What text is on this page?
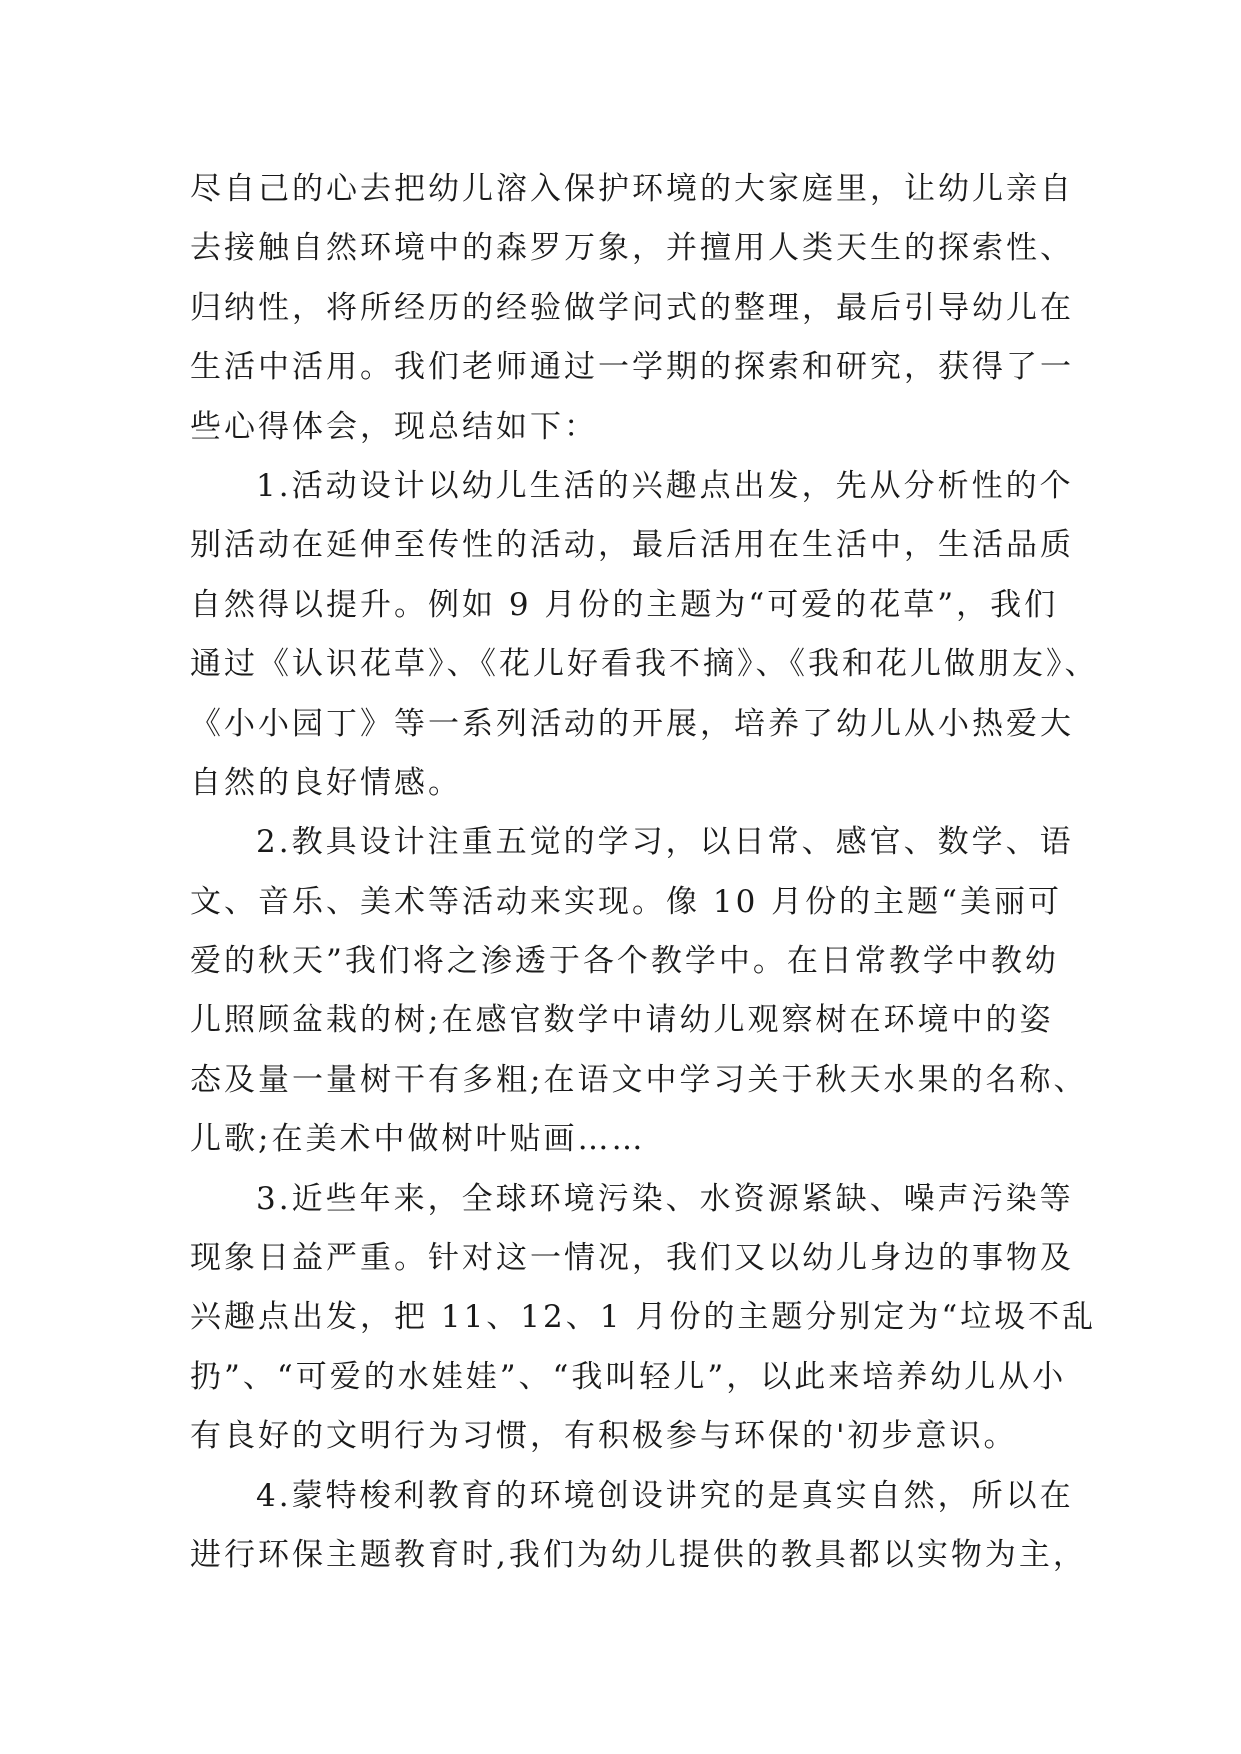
尽自己的心去把幼儿溶入保护环境的大家庭里，让幼儿亲自
去接触自然环境中的森罗万象，并擅用人类天生的探索性、
归纳性，将所经历的经验做学问式的整理，最后引导幼儿在
生活中活用。我们老师通过一学期的探索和研究，获得了一
些心得体会，现总结如下：
1.活动设计以幼儿生活的兴趣点出发，先从分析性的个
别活动在延伸至传性的活动，最后活用在生活中，生活品质
自然得以提升。例如 9 月份的主题为“可爱的花草”，我们
通过《认识花草》、《花儿好看我不摘》、《我和花儿做朋友》、
《小小园丁》等一系列活动的开展，培养了幼儿从小热爱大
自然的良好情感。
2.教具设计注重五觉的学习，以日常、感官、数学、语
文、音乐、美术等活动来实现。像 10 月份的主题“美丽可
爱的秋天”我们将之渗透于各个教学中。在日常教学中教幼
儿照顾盆栽的树;在感官数学中请幼儿观察树在环境中的姿
态及量一量树干有多粗;在语文中学习关于秋天水果的名称、
儿歌;在美术中做树叶贴画……
3.近些年来，全球环境污染、水资源紧缺、噪声污染等
现象日益严重。针对这一情况，我们又以幼儿身边的事物及
兴趣点出发，把 11、12、1 月份的主题分别定为“垃圾不乱
扔”、“可爱的水娃娃”、“我叫轻儿”，以此来培养幼儿从小
有良好的文明行为习惯，有积极参与环保的'初步意识。
4.蒙特梭利教育的环境创设讲究的是真实自然，所以在
进行环保主题教育时,我们为幼儿提供的教具都以实物为主，
